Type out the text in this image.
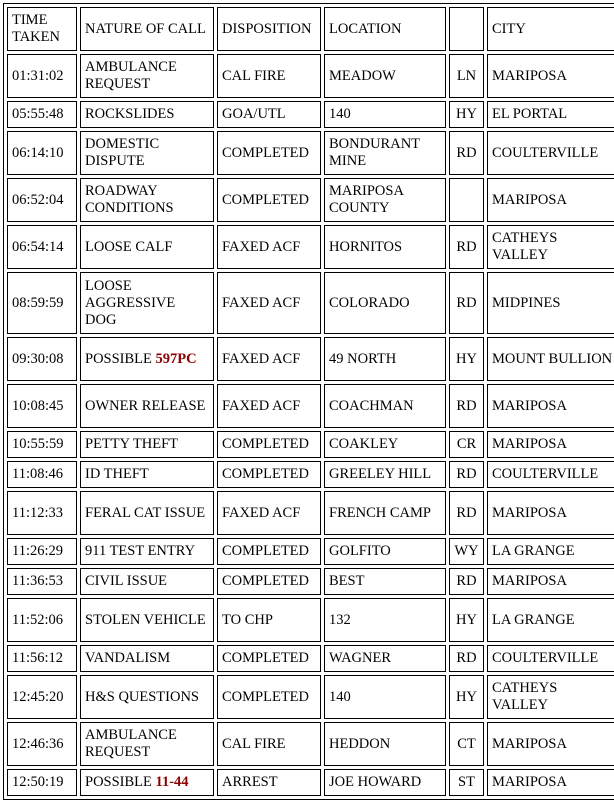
TIME TAKEN	NATURE OF CALL	DISPOSITION	LOCATION		CITY
01:31:02	AMBULANCE REQUEST	CAL FIRE	MEADOW	LN	MARIPOSA
05:55:48	ROCKSLIDES	GOA/UTL	140	HY	EL PORTAL
06:14:10	DOMESTIC DISPUTE	COMPLETED	BONDURANT MINE	RD	COULTERVILLE
06:52:04	ROADWAY CONDITIONS	COMPLETED	MARIPOSA COUNTY		MARIPOSA
06:54:14	LOOSE CALF	FAXED ACF	HORNITOS	RD	CATHEYS VALLEY
08:59:59	LOOSE AGGRESSIVE DOG	FAXED ACF	COLORADO	RD	MIDPINES
09:30:08	POSSIBLE 597PC	FAXED ACF	49 NORTH	HY	MOUNT BULLION
10:08:45	OWNER RELEASE	FAXED ACF	COACHMAN	RD	MARIPOSA
10:55:59	PETTY THEFT	COMPLETED	COAKLEY	CR	MARIPOSA
11:08:46	ID THEFT	COMPLETED	GREELEY HILL	RD	COULTERVILLE
11:12:33	FERAL CAT ISSUE	FAXED ACF	FRENCH CAMP	RD	MARIPOSA
11:26:29	911 TEST ENTRY	COMPLETED	GOLFITO	WY	LA GRANGE
11:36:53	CIVIL ISSUE	COMPLETED	BEST	RD	MARIPOSA
11:52:06	STOLEN VEHICLE	TO CHP	132	HY	LA GRANGE
11:56:12	VANDALISM	COMPLETED	WAGNER	RD	COULTERVILLE
12:45:20	H&S QUESTIONS	COMPLETED	140	HY	CATHEYS VALLEY
12:46:36	AMBULANCE REQUEST	CAL FIRE	HEDDON	CT	MARIPOSA
12:50:19	POSSIBLE 11-44	ARREST	JOE HOWARD	ST	MARIPOSA
